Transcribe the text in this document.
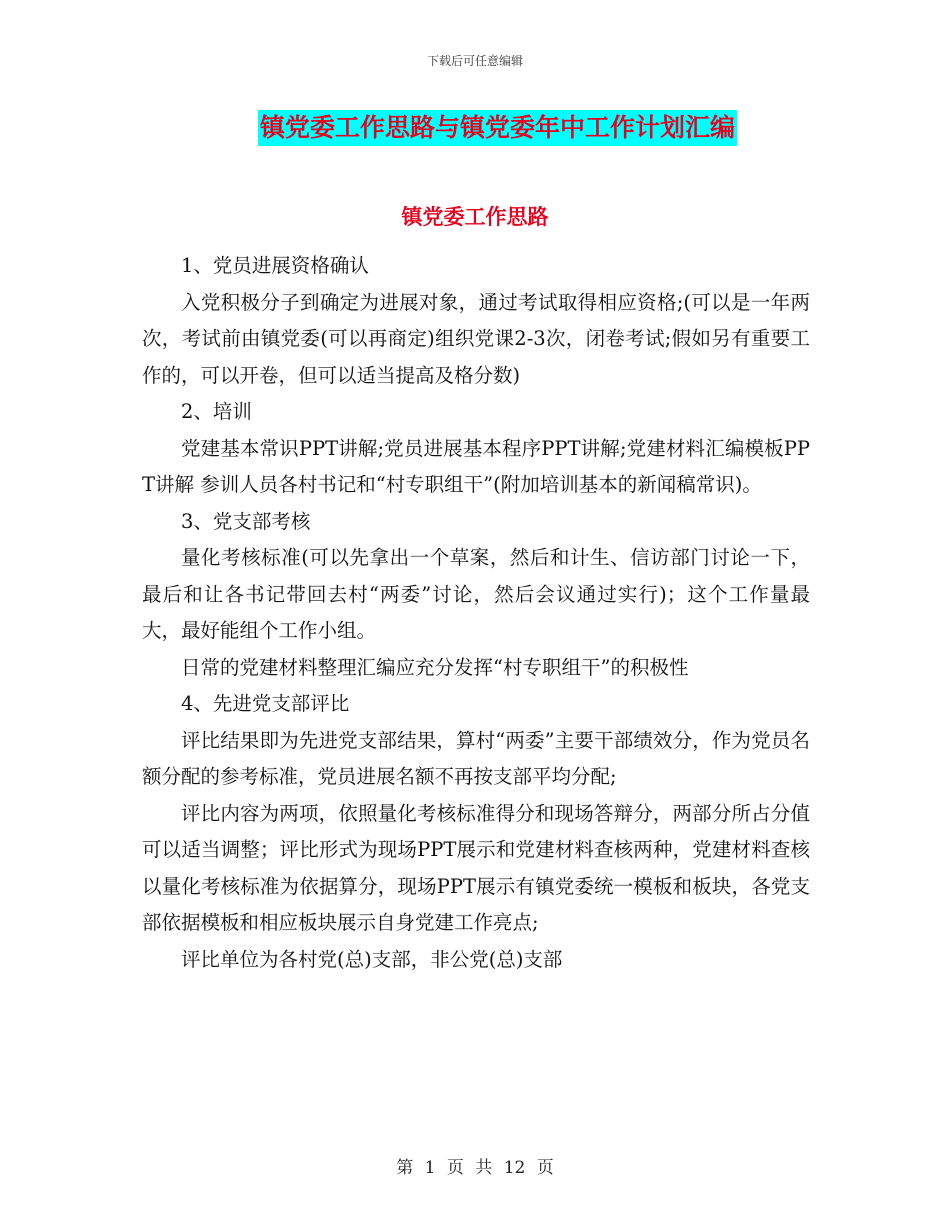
下载后可任意编辑
镇党委工作思路与镇党委年中工作计划汇编
镇党委工作思路

1、党员进展资格确认

入党积极分子到确定为进展对象，通过考试取得相应资格;(可以是一年两次，考试前由镇党委(可以再商定)组织党课2-3次，闭卷考试;假如另有重要工作的，可以开卷，但可以适当提高及格分数)

2、培训

党建基本常识PPT讲解;党员进展基本程序PPT讲解;党建材料汇编模板PPT讲解 参训人员各村书记和“村专职组干”(附加培训基本的新闻稿常识)。

3、党支部考核

量化考核标准(可以先拿出一个草案，然后和计生、信访部门讨论一下，最后和让各书记带回去村“两委”讨论，然后会议通过实行)；这个工作量最大，最好能组个工作小组。

日常的党建材料整理汇编应充分发挥“村专职组干”的积极性

4、先进党支部评比

评比结果即为先进党支部结果，算村“两委”主要干部绩效分，作为党员名额分配的参考标准，党员进展名额不再按支部平均分配;

评比内容为两项，依照量化考核标准得分和现场答辩分，两部分所占分值可以适当调整；评比形式为现场PPT展示和党建材料查核两种，党建材料查核以量化考核标准为依据算分，现场PPT展示有镇党委统一模板和板块，各党支部依据模板和相应板块展示自身党建工作亮点;

评比单位为各村党(总)支部，非公党(总)支部

第 1 页 共 12 页
